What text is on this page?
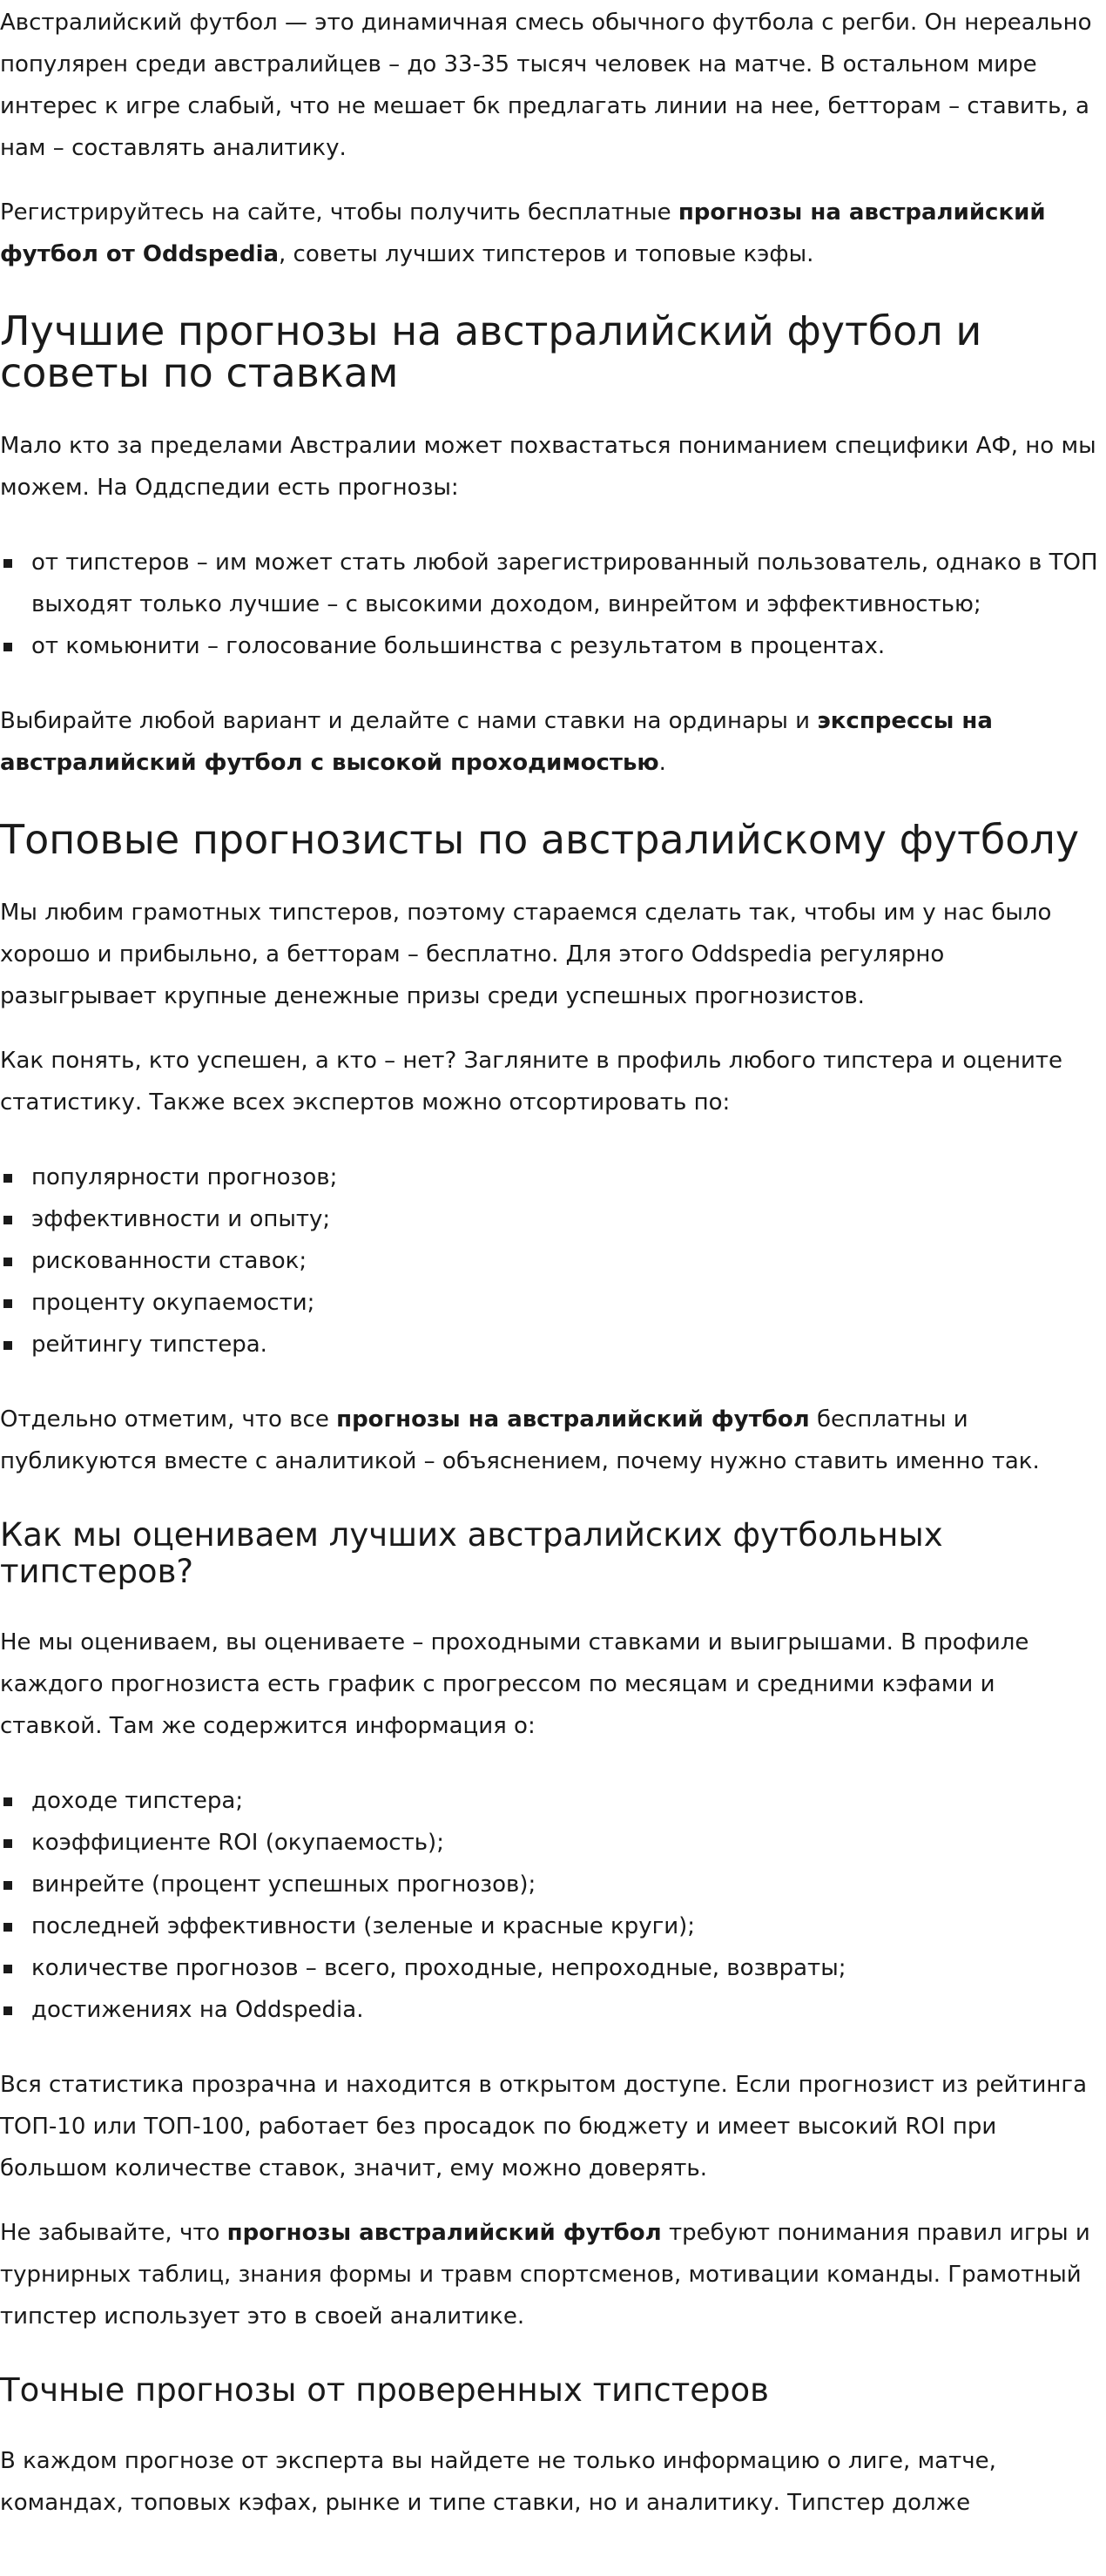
Австралийский футбол — это динамичная смесь обычного футбола с регби. Он нереально популярен среди австралийцев – до 33-35 тысяч человек на матче. В остальном мире интерес к игре слабый, что не мешает бк предлагать линии на нее, бетторам – ставить, а нам – составлять аналитику.

Регистрируйтесь на сайте, чтобы получить бесплатные прогнозы на австралийский футбол от Oddspedia, советы лучших типстеров и топовые кэфы.

Лучшие прогнозы на австралийский футбол и советы по ставкам

Мало кто за пределами Австралии может похвастаться пониманием специфики АФ, но мы можем. На Оддспедии есть прогнозы:

от типстеров – им может стать любой зарегистрированный пользователь, однако в ТОП выходят только лучшие – с высокими доходом, винрейтом и эффективностью;
от комьюнити – голосование большинства с результатом в процентах.

Выбирайте любой вариант и делайте с нами ставки на ординары и экспрессы на австралийский футбол с высокой проходимостью.

Топовые прогнозисты по австралийскому футболу

Мы любим грамотных типстеров, поэтому стараемся сделать так, чтобы им у нас было хорошо и прибыльно, а бетторам – бесплатно. Для этого Oddspedia регулярно разыгрывает крупные денежные призы среди успешных прогнозистов.

Как понять, кто успешен, а кто – нет? Загляните в профиль любого типстера и оцените статистику. Также всех экспертов можно отсортировать по:

популярности прогнозов;
эффективности и опыту;
рискованности ставок;
проценту окупаемости;
рейтингу типстера.

Отдельно отметим, что все прогнозы на австралийский футбол бесплатны и публикуются вместе с аналитикой – объяснением, почему нужно ставить именно так.

Как мы оцениваем лучших австралийских футбольных типстеров?

Не мы оцениваем, вы оцениваете – проходными ставками и выигрышами. В профиле каждого прогнозиста есть график с прогрессом по месяцам и средними кэфами и ставкой. Там же содержится информация о:

доходе типстера;
коэффициенте ROI (окупаемость);
винрейте (процент успешных прогнозов);
последней эффективности (зеленые и красные круги);
количестве прогнозов – всего, проходные, непроходные, возвраты;
достижениях на Oddspedia.

Вся статистика прозрачна и находится в открытом доступе. Если прогнозист из рейтинга ТОП-10 или ТОП-100, работает без просадок по бюджету и имеет высокий ROI при большом количестве ставок, значит, ему можно доверять.

Не забывайте, что прогнозы австралийский футбол требуют понимания правил игры и турнирных таблиц, знания формы и травм спортсменов, мотивации команды. Грамотный типстер использует это в своей аналитике.

Точные прогнозы от проверенных типстеров

В каждом прогнозе от эксперта вы найдете не только информацию о лиге, матче, командах, топовых кэфах, рынке и типе ставки, но и аналитику. Типстер долже
